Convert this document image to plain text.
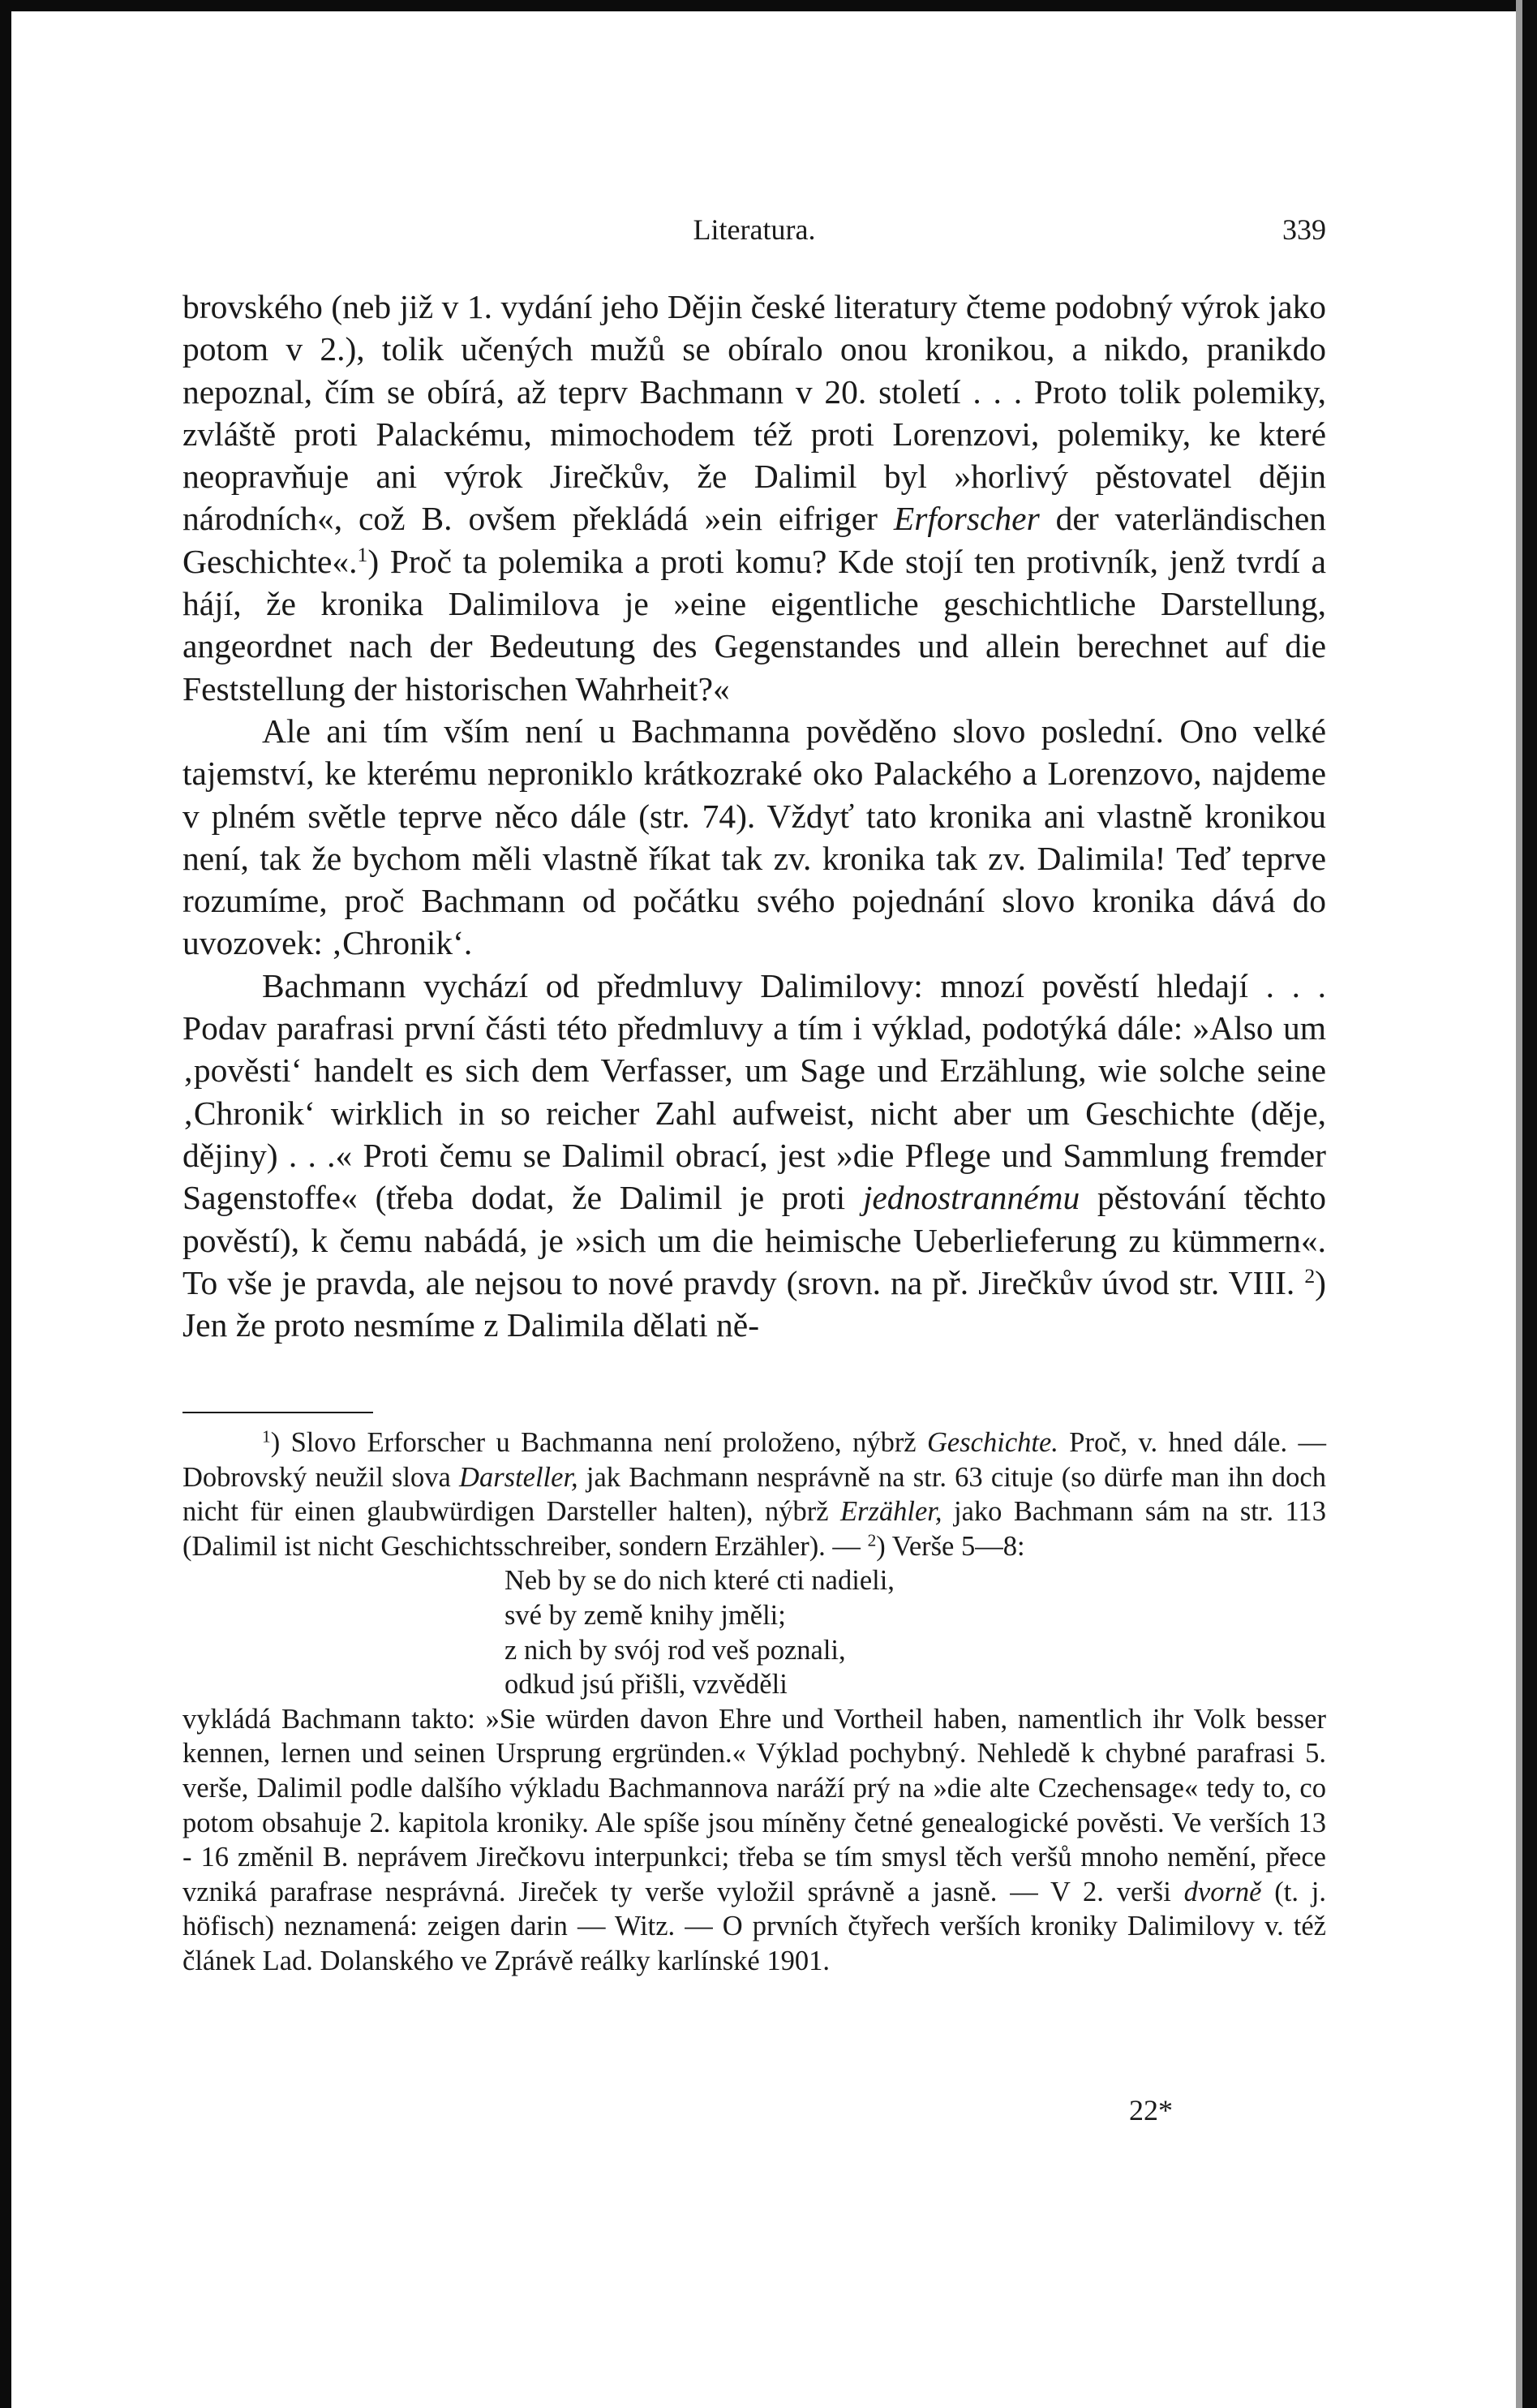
Literatura.	339

brovského (neb již v 1. vydání jeho Dějin české literatury čteme podobný výrok jako potom v 2.), tolik učených mužů se obíralo onou kronikou, a nikdo, pranikdo nepoznal, čím se obírá, až teprv Bachmann v 20. století . . . Proto tolik polemiky, zvláště proti Palackému, mimochodem též proti Lorenzovi, polemiky, ke které neopravňuje ani výrok Jirečkův, že Dalimil byl »horlivý pěstovatel dějin národních«, což B. ovšem překládá »ein eifriger Erforscher der vaterländischen Geschichte«.$^1$) Proč ta polemika a proti komu? Kde stojí ten protivník, jenž tvrdí a hájí, že kronika Dalimilova je »eine eigentliche geschichtliche Darstellung, angeordnet nach der Bedeutung des Gegenstandes und allein berechnet auf die Feststellung der historischen Wahrheit?«

Ale ani tím vším není u Bachmanna pověděno slovo poslední. Ono velké tajemství, ke kterému neproniklo krátkozraké oko Palackého a Lorenzovo, najdeme v plném světle teprve něco dále (str. 74). Vždyť tato kronika ani vlastně kronikou není, tak že bychom měli vlastně říkat tak zv. kronika tak zv. Dalimila! Teď teprve rozumíme, proč Bachmann od počátku svého pojednání slovo kronika dává do uvozovek: ‚Chronik‘.

Bachmann vychází od předmluvy Dalimilovy: mnozí pověstí hledají . . . Podav parafrasi první části této předmluvy a tím i výklad, podotýká dále: »Also um ‚pověsti‘ handelt es sich dem Verfasser, um Sage und Erzählung, wie solche seine ‚Chronik‘ wirklich in so reicher Zahl aufweist, nicht aber um Geschichte (děje, dějiny) . . .« Proti čemu se Dalimil obrací, jest »die Pflege und Sammlung fremder Sagenstoffe« (třeba dodat, že Dalimil je proti jednostrannému pěstování těchto pověstí), k čemu nabádá, je »sich um die heimische Ueberlieferung zu kümmern«. To vše je pravda, ale nejsou to nové pravdy (srovn. na př. Jirečkův úvod str. VIII. $^2$) Jen že proto nesmíme z Dalimila dělati ně-

$^1$) Slovo Erforscher u Bachmanna není proloženo, nýbrž Geschichte. Proč, v. hned dále. — Dobrovský neužil slova Darsteller, jak Bachmann nesprávně na str. 63 cituje (so dürfe man ihn doch nicht für einen glaubwürdigen Darsteller halten), nýbrž Erzähler, jako Bachmann sám na str. 113 (Dalimil ist nicht Geschichtsschreiber, sondern Erzähler). — $^2$) Verše 5—8:

Neb by se do nich které cti nadieli,
své by země knihy jměli;
z nich by svój rod veš poznali,
odkud jsú přišli, vzvěděli

vykládá Bachmann takto: »Sie würden davon Ehre und Vortheil haben, namentlich ihr Volk besser kennen, lernen und seinen Ursprung ergründen.« Výklad pochybný. Nehledě k chybné parafrasi 5. verše, Dalimil podle dalšího výkladu Bachmannova naráží prý na »die alte Czechensage« tedy to, co potom obsahuje 2. kapitola kroniky. Ale spíše jsou míněny četné genealogické pověsti. Ve verších 13 - 16 změnil B. neprávem Jirečkovu interpunkci; třeba se tím smysl těch veršů mnoho nemění, přece vzniká parafrase nesprávná. Jireček ty verše vyložil správně a jasně. — V 2. verši dvorně (t. j. höfisch) neznamená: zeigen darin — Witz. — O prvních čtyřech verších kroniky Dalimilovy v. též článek Lad. Dolanského ve Zprávě reálky karlínské 1901.

22*
